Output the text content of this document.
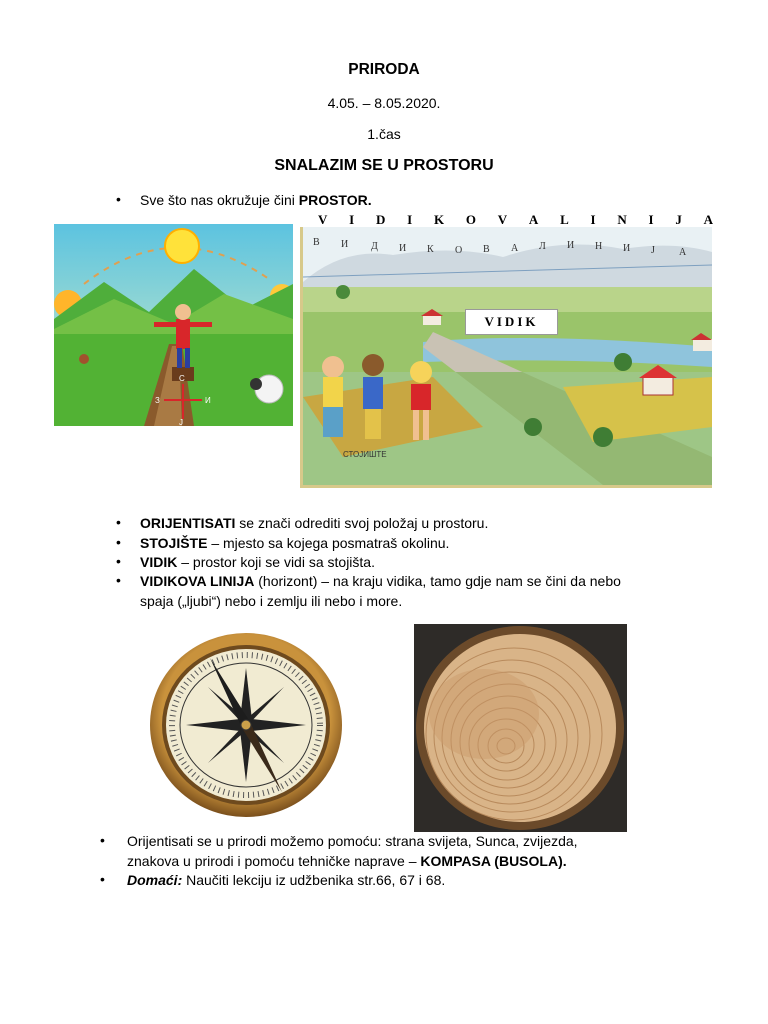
PRIRODA
4.05. – 8.05.2020.
1.čas
SNALAZIM SE U PROSTORU
• Sve što nas okružuje čini PROSTOR.
V I D I K O V A L I N I J A
С
И
Ј
З
СТОЈИШТЕ
В И Д И К О В А Л И Н И Ј А
VIDIK
• ORIJENTISATI se znači odrediti svoj položaj u prostoru.
• STOJIŠTE – mjesto sa kojega posmatraš okolinu.
• VIDIK – prostor koji se vidi sa stojišta.
• VIDIKOVA LINIJA (horizont) – na kraju vidika, tamo gdje nam se čini da nebo
spaja („ljubi“) nebo i zemlju ili nebo i more.
• Orijentisati se u prirodi možemo pomoću: strana svijeta, Sunca, zvijezda,
znakova u prirodi i pomoću tehničke naprave – KOMPASA (BUSOLA).
• Domaći: Naučiti lekciju iz udžbenika str.66, 67 i 68.
